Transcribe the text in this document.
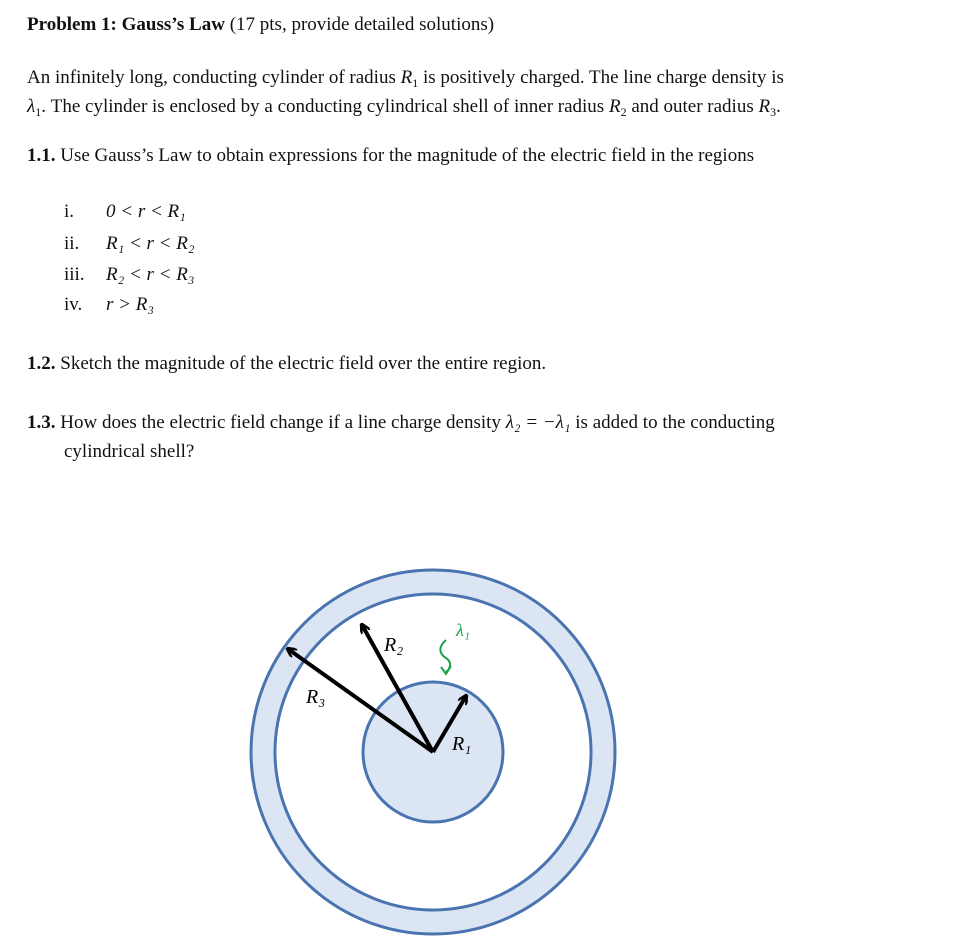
Problem 1: Gauss’s Law (17 pts, provide detailed solutions)
An infinitely long, conducting cylinder of radius $R_1$ is positively charged. The line charge density is
$\lambda_1$. The cylinder is enclosed by a conducting cylindrical shell of inner radius $R_2$ and outer radius $R_3$.
1.1. Use Gauss’s Law to obtain expressions for the magnitude of the electric field in the regions
i. 0 < r < R₁
ii. R₁ < r < R₂
iii. R₂ < r < R₃
iv. r > R₃
1.2. Sketch the magnitude of the electric field over the entire region.
1.3. How does the electric field change if a line charge density λ₂ = −λ₁ is added to the conducting
cylindrical shell?
R₁
R₂
R₃
λ₁
